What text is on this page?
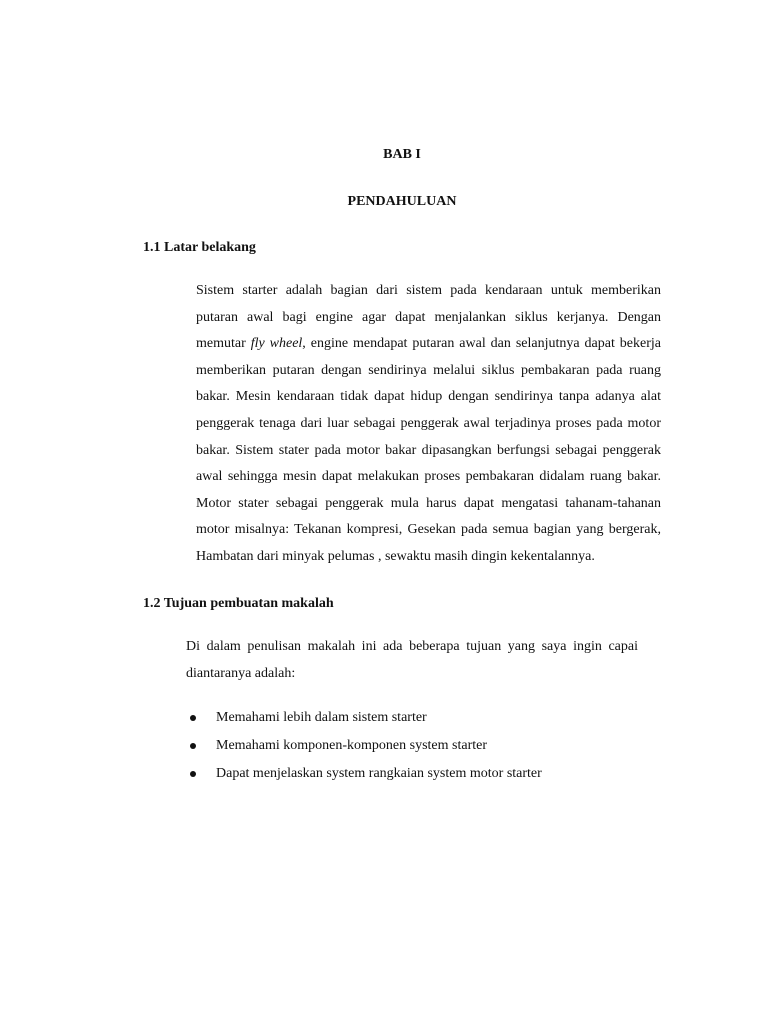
BAB I
PENDAHULUAN
1.1 Latar belakang

Sistem starter adalah bagian dari sistem pada kendaraan untuk memberikan
putaran awal bagi engine agar dapat menjalankan siklus kerjanya. Dengan
memutar fly wheel, engine mendapat putaran awal dan selanjutnya dapat bekerja
memberikan putaran dengan sendirinya melalui siklus pembakaran pada ruang
bakar. Mesin kendaraan tidak dapat hidup dengan sendirinya tanpa adanya alat
penggerak tenaga dari luar sebagai penggerak awal terjadinya proses pada motor
bakar. Sistem stater pada motor bakar dipasangkan berfungsi sebagai penggerak
awal sehingga mesin dapat melakukan proses pembakaran didalam ruang bakar.
Motor stater sebagai penggerak mula harus dapat mengatasi tahanam-tahanan
motor misalnya: Tekanan kompresi, Gesekan pada semua bagian yang bergerak,
Hambatan dari minyak pelumas , sewaktu masih dingin kekentalannya.

1.2 Tujuan pembuatan makalah

Di dalam penulisan makalah ini ada beberapa tujuan yang saya ingin capai
diantaranya adalah:

Memahami lebih dalam sistem starter
Memahami komponen-komponen system starter
Dapat menjelaskan system rangkaian system motor starter
